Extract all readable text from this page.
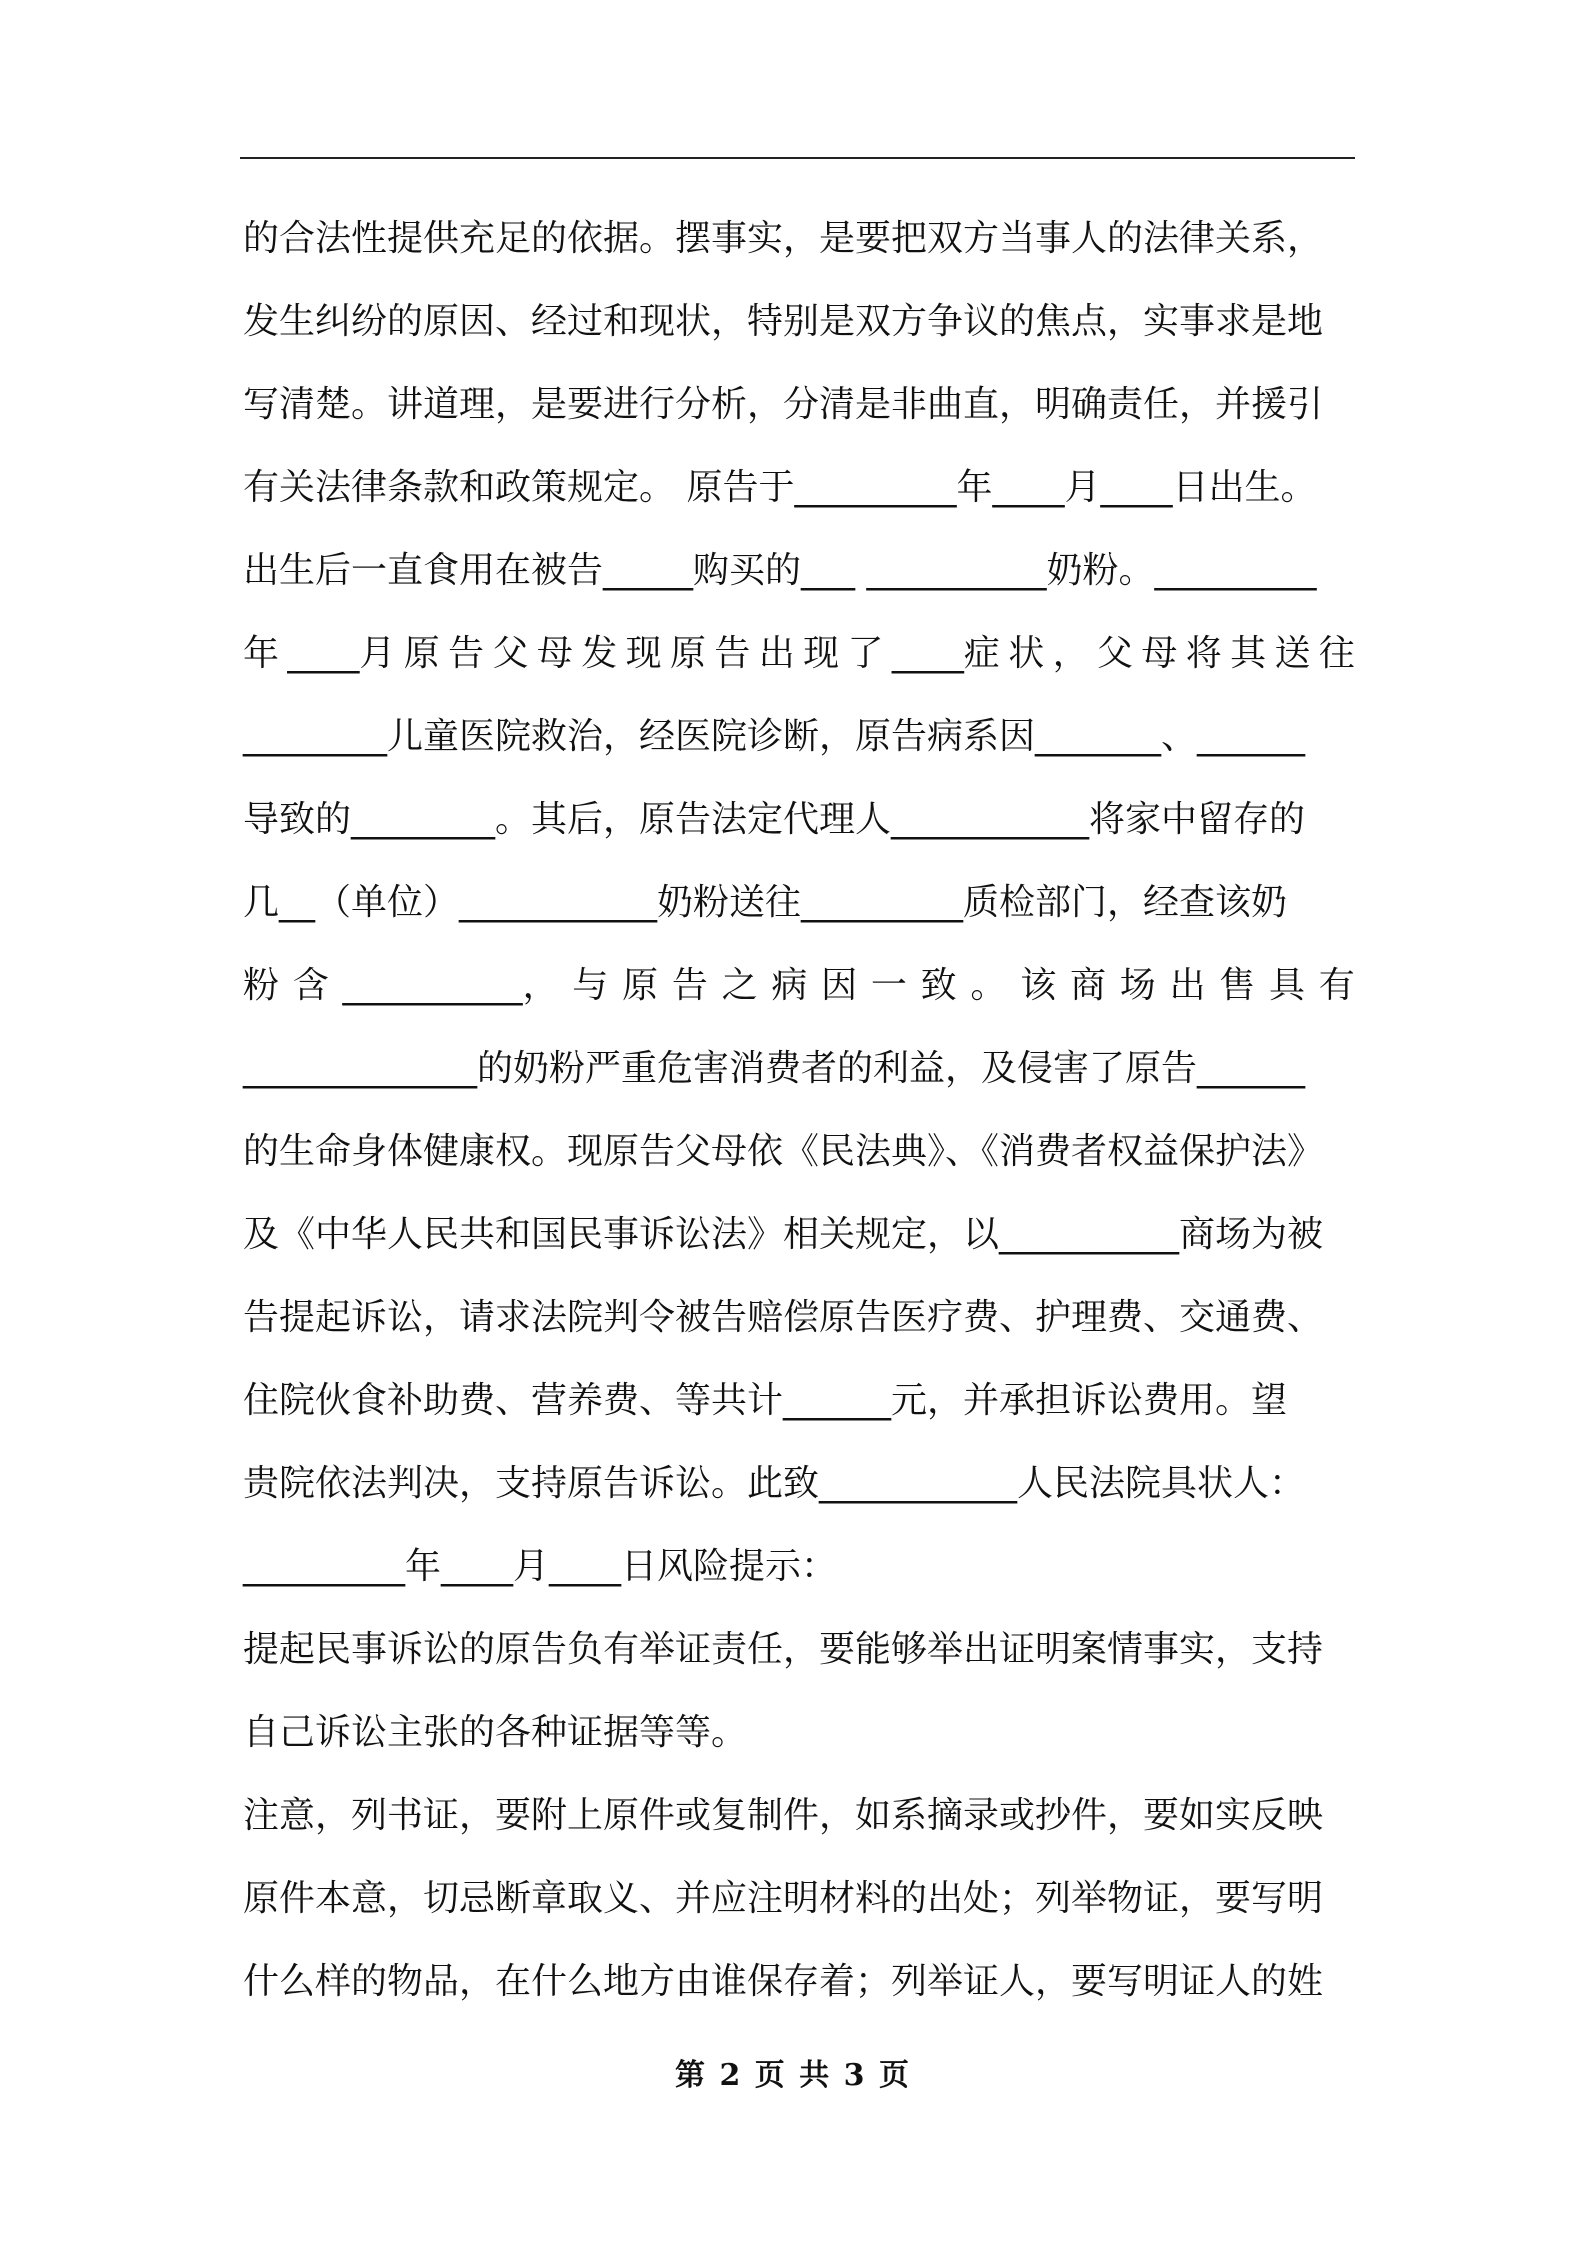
的合法性提供充足的依据。摆事实，是要把双方当事人的法律关系，
发生纠纷的原因、经过和现状，特别是双方争议的焦点，实事求是地
写清楚。讲道理，是要进行分析，分清是非曲直，明确责任，并援引
有关法律条款和政策规定。 原告于_________年____月____日出生。
出生后一直食用在被告_____购买的___ __________奶粉。_________
年 ____月 原 告 父 母 发 现 原 告 出 现 了 ____症 状 ， 父 母 将 其 送 往
________儿童医院救治，经医院诊断，原告病系因_______、______
导致的________。其后，原告法定代理人___________将家中留存的
几__（单位）___________奶粉送往_________质检部门，经查该奶
粉 含 __________， 与 原 告 之 病 因 一 致 。 该 商 场 出 售 具 有
_____________的奶粉严重危害消费者的利益，及侵害了原告______
的生命身体健康权。现原告父母依《民法典》、《消费者权益保护法》
及《中华人民共和国民事诉讼法》相关规定，以__________商场为被
告提起诉讼，请求法院判令被告赔偿原告医疗费、护理费、交通费、
住院伙食补助费、营养费、等共计______元，并承担诉讼费用。望
贵院依法判决，支持原告诉讼。此致___________人民法院具状人：
_________年____月____日风险提示：
提起民事诉讼的原告负有举证责任，要能够举出证明案情事实，支持
自己诉讼主张的各种证据等等。
注意，列书证，要附上原件或复制件，如系摘录或抄件，要如实反映
原件本意，切忌断章取义、并应注明材料的出处；列举物证，要写明
什么样的物品，在什么地方由谁保存着；列举证人，要写明证人的姓
第 2 页 共 3 页
